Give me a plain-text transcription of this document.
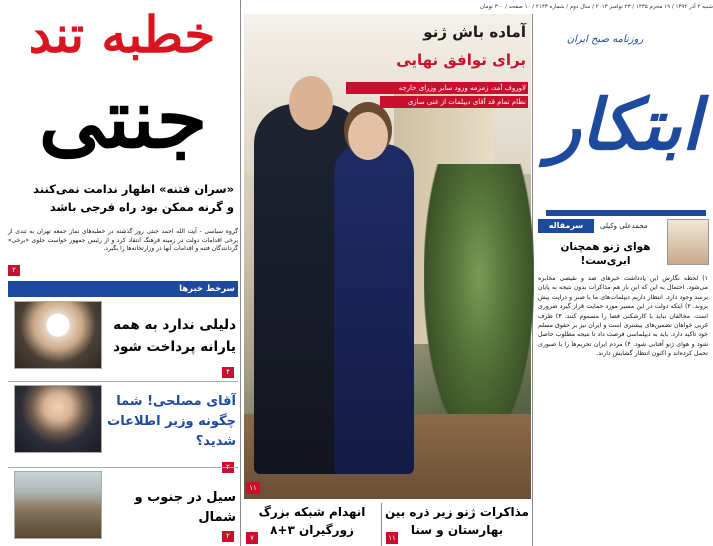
شنبه ۲ آذر ۱۳۹۲ / ۱۹ محرم ۱۴۳۵ / ۲۳ نوامبر ۲۰۱۳ / سال دوم / شماره ۲۱۴۳ / ۱۰ صفحه / ۳۰۰ تومان
روزنامه صبح ایران
ابتکار
سرمقاله	محمدعلی وکیلی
هوای ژنو همچنان ابری‌ست!
۱) لحظه نگارش این یادداشت خبرهای ضد و نقیضی مخابره می‌شود. احتمال به این که این بار هم مذاکرات بدون نتیجه به پایان برسد وجود دارد. انتظار داریم دیپلمات‌های ما با صبر و درایت پیش بروند. ۲) اینکه دولت در این مسیر مورد حمایت قرار گیرد ضروری است. مخالفان نباید با کارشکنی فضا را مسموم کنند. ۳) طرف غربی خواهان تضمین‌های بیشتری است و ایران نیز بر حقوق مسلم خود تاکید دارد. باید به دیپلماسی فرصت داد تا نتیجه مطلوب حاصل شود و هوای ژنو آفتابی شود. ۴) مردم ایران تحریم‌ها را با صبوری تحمل کرده‌اند و اکنون انتظار گشایش دارند.
آماده باش ژنو
برای توافق نهایی
لاوروف آمد، زمزمه ورود سایر وزرای خارجه
نظام تمام قد آقای دیپلمات از غنی سازی
۱۱
مذاکرات ژنو زیر ذره بین بهارستان و سنا
۱۱
انهدام شبکه بزرگ زورگیران ۳+۸
۷
خطبه تند
جنتی
«سران فتنه» اظهار ندامت نمی‌کنند
و گرنه ممکن بود راه فرجی باشد
گروه سیاسی - آیت الله احمد جنتی روز گذشته در خطبه‌های نماز جمعه تهران به تندی از برخی اقدامات دولت در زمینه فرهنگ انتقاد کرد و از رئیس جمهور خواست جلوی «برخی» گردانندگان فتنه و اقدامات آنها در وزارتخانه‌ها را بگیرد.
۲
سرخط خبرها
دلیلی ندارد به همه یارانه پرداخت شود
۴
آقای مصلحی! شما چگونه وزیر اطلاعات شدید؟
سیل در جنوب و شمال
۲
